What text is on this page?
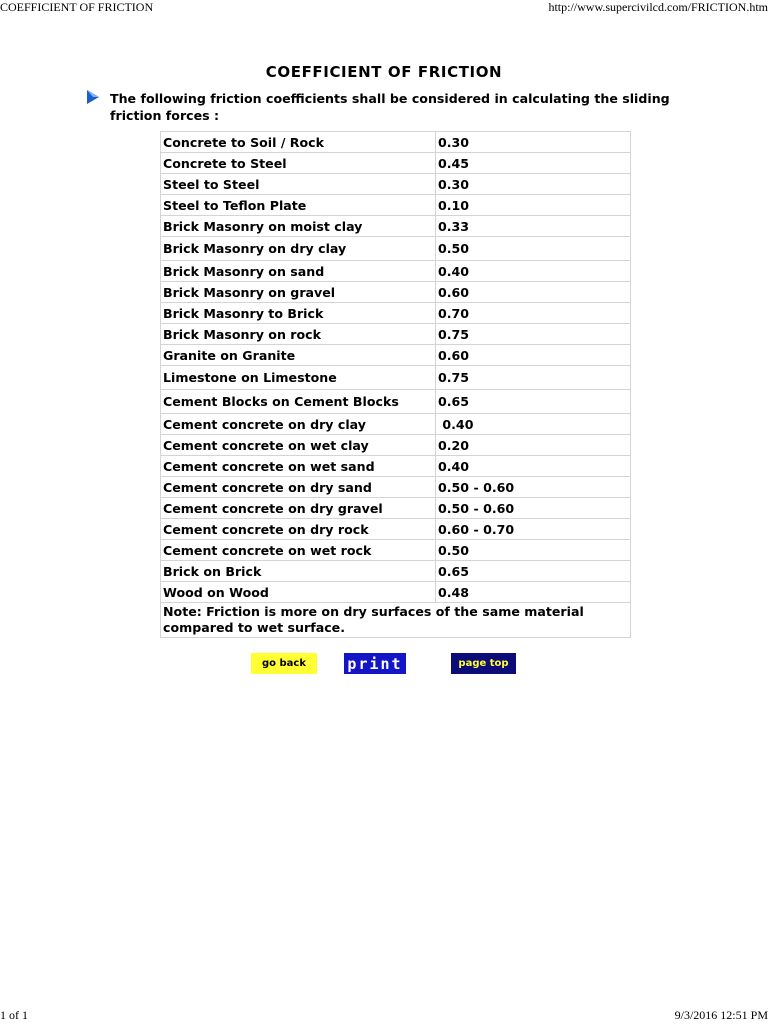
COEFFICIENT OF FRICTION	http://www.supercivilcd.com/FRICTION.htm
COEFFICIENT OF FRICTION
The following friction coefficients shall be considered in calculating the sliding friction forces :
Concrete to Soil / Rock	0.30
Concrete to Steel	0.45
Steel to Steel	0.30
Steel to Teflon Plate	0.10
Brick Masonry on moist clay	0.33
Brick Masonry on dry clay	0.50
Brick Masonry on sand	0.40
Brick Masonry on gravel	0.60
Brick Masonry to Brick	0.70
Brick Masonry on rock	0.75
Granite on Granite	0.60
Limestone on Limestone	0.75
Cement Blocks on Cement Blocks	0.65
Cement concrete on dry clay	0.40
Cement concrete on wet clay	0.20
Cement concrete on wet sand	0.40
Cement concrete on dry sand	0.50 - 0.60
Cement concrete on dry gravel	0.50 - 0.60
Cement concrete on dry rock	0.60 - 0.70
Cement concrete on wet rock	0.50
Brick on Brick	0.65
Wood on Wood	0.48
Note: Friction is more on dry surfaces of the same material compared to wet surface.	
go back	print	page top
1 of 1	9/3/2016 12:51 PM
